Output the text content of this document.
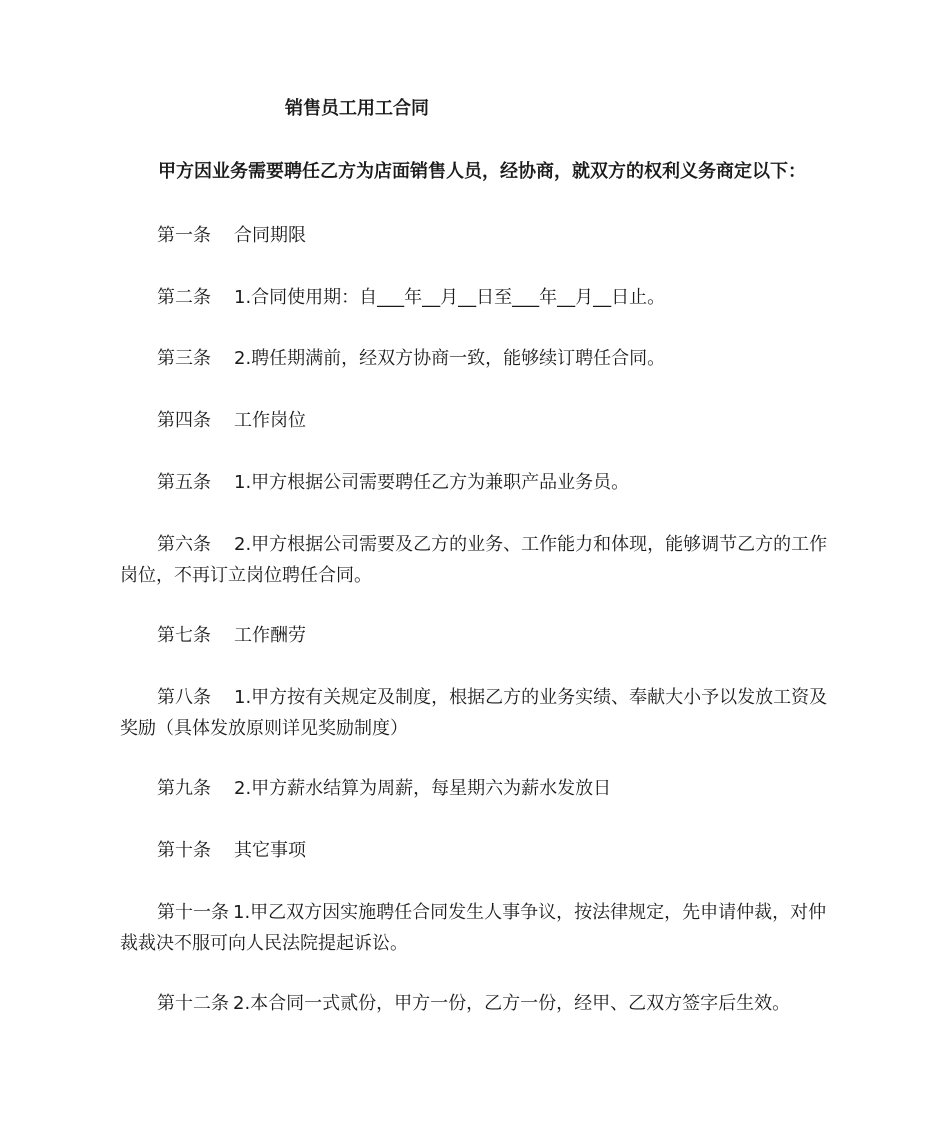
销售员工用工合同
甲方因业务需要聘任乙方为店面销售人员，经协商，就双方的权利义务商定以下：
第一条 合同期限
第二条 1.合同使用期：自___年__月__日至___年__月__日止。
第三条 2.聘任期满前，经双方协商一致，能够续订聘任合同。
第四条 工作岗位
第五条 1.甲方根据公司需要聘任乙方为兼职产品业务员。
第六条 2.甲方根据公司需要及乙方的业务、工作能力和体现，能够调节乙方的工作岗位，不再订立岗位聘任合同。
第七条 工作酬劳
第八条 1.甲方按有关规定及制度，根据乙方的业务实绩、奉献大小予以发放工资及奖励（具体发放原则详见奖励制度）
第九条 2.甲方薪水结算为周薪，每星期六为薪水发放日
第十条 其它事项
第十一条 1.甲乙双方因实施聘任合同发生人事争议，按法律规定，先申请仲裁，对仲裁裁决不服可向人民法院提起诉讼。
第十二条 2.本合同一式贰份，甲方一份，乙方一份，经甲、乙双方签字后生效。
